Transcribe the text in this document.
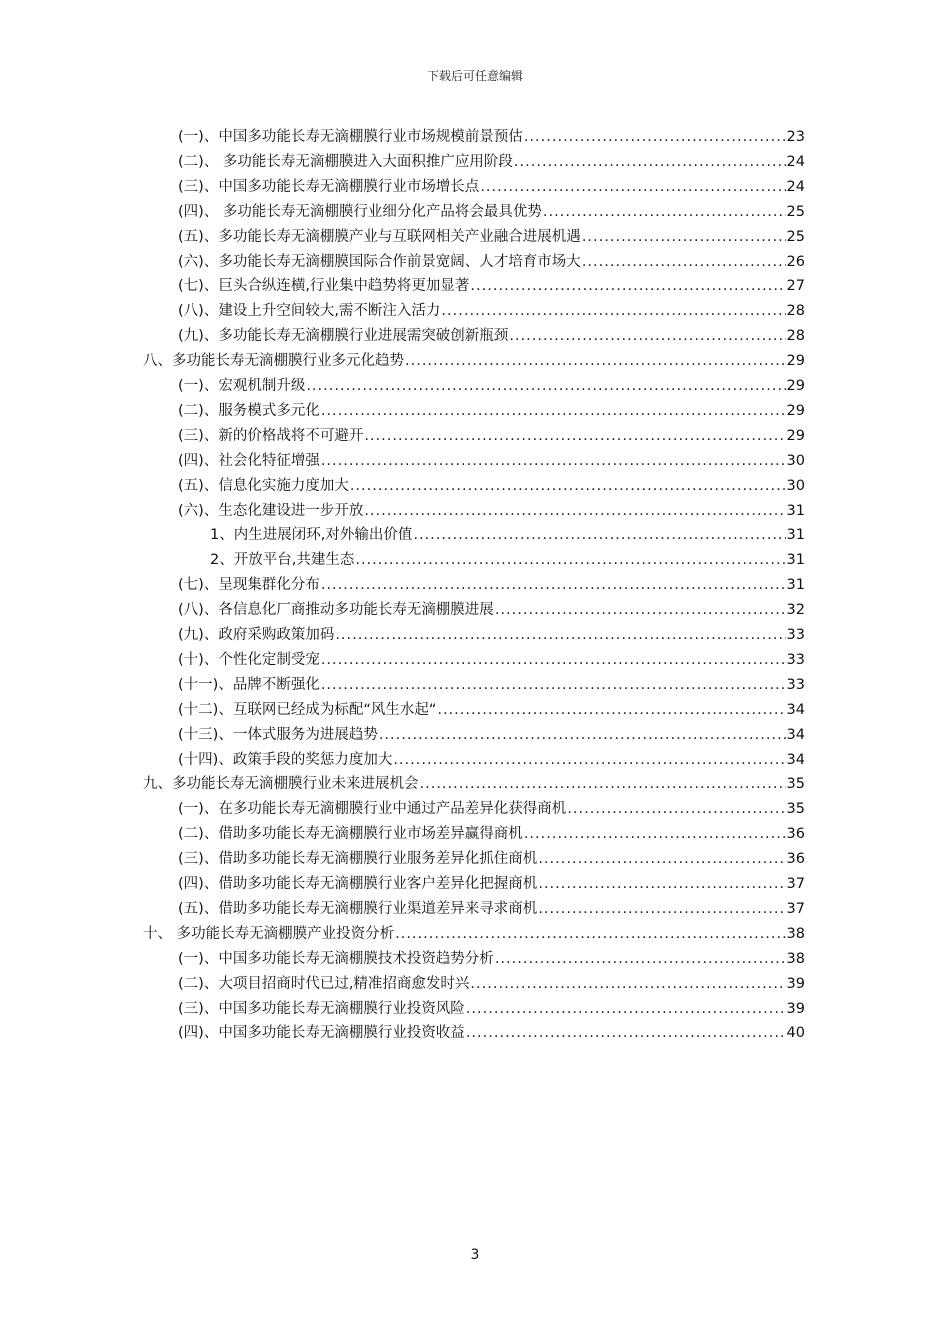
下载后可任意编辑
(一)、中国多功能长寿无滴棚膜行业市场规模前景预估 .....	23
(二)、 多功能长寿无滴棚膜进入大面积推广应用阶段 .....	24
(三)、中国多功能长寿无滴棚膜行业市场增长点 .....	24
(四)、 多功能长寿无滴棚膜行业细分化产品将会最具优势 .....	25
(五)、多功能长寿无滴棚膜产业与互联网相关产业融合进展机遇 .....	25
(六)、多功能长寿无滴棚膜国际合作前景宽阔、人才培育市场大 .....	26
(七)、巨头合纵连横,行业集中趋势将更加显著 .....	27
(八)、建设上升空间较大,需不断注入活力 .....	28
(九)、多功能长寿无滴棚膜行业进展需突破创新瓶颈 .....	28
八、多功能长寿无滴棚膜行业多元化趋势 .....	29
(一)、宏观机制升级 .....	29
(二)、服务模式多元化 .....	29
(三)、新的价格战将不可避开 .....	29
(四)、社会化特征增强 .....	30
(五)、信息化实施力度加大 .....	30
(六)、生态化建设进一步开放 .....	31
1、内生进展闭环,对外输出价值 .....	31
2、开放平台,共建生态 .....	31
(七)、呈现集群化分布 .....	31
(八)、各信息化厂商推动多功能长寿无滴棚膜进展 .....	32
(九)、政府采购政策加码 .....	33
(十)、个性化定制受宠 .....	33
(十一)、品牌不断强化 .....	33
(十二)、互联网已经成为标配“风生水起“ .....	34
(十三)、一体式服务为进展趋势 .....	34
(十四)、政策手段的奖惩力度加大 .....	34
九、多功能长寿无滴棚膜行业未来进展机会 .....	35
(一)、在多功能长寿无滴棚膜行业中通过产品差异化获得商机 .....	35
(二)、借助多功能长寿无滴棚膜行业市场差异赢得商机 .....	36
(三)、借助多功能长寿无滴棚膜行业服务差异化抓住商机 .....	36
(四)、借助多功能长寿无滴棚膜行业客户差异化把握商机 .....	37
(五)、借助多功能长寿无滴棚膜行业渠道差异来寻求商机 .....	37
十、 多功能长寿无滴棚膜产业投资分析 .....	38
(一)、中国多功能长寿无滴棚膜技术投资趋势分析 .....	38
(二)、大项目招商时代已过,精准招商愈发时兴 .....	39
(三)、中国多功能长寿无滴棚膜行业投资风险 .....	39
(四)、中国多功能长寿无滴棚膜行业投资收益 .....	40
3
